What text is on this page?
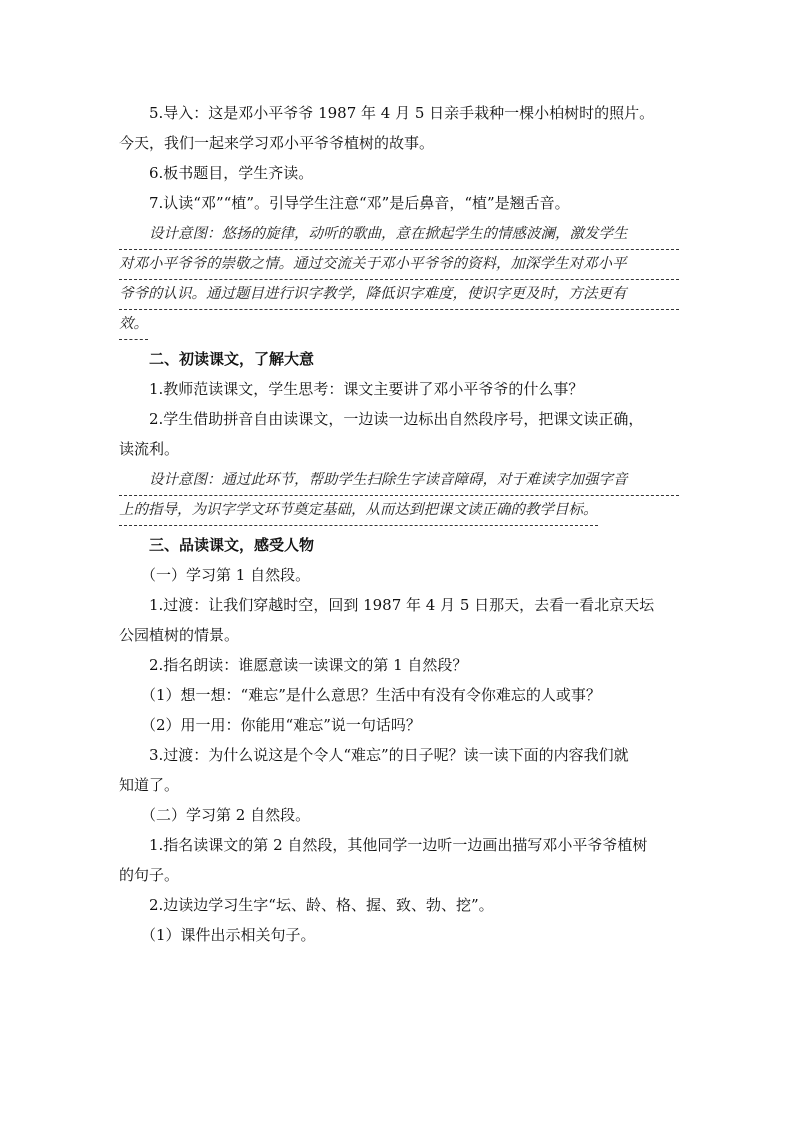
5.导入：这是邓小平爷爷 1987 年 4 月 5 日亲手栽种一棵小柏树时的照片。

今天，我们一起来学习邓小平爷爷植树的故事。

6.板书题目，学生齐读。

7.认读“邓”“植”。引导学生注意“邓”是后鼻音，“植”是翘舌音。

设计意图：悠扬的旋律，动听的歌曲，意在掀起学生的情感波澜，激发学生
对邓小平爷爷的崇敬之情。通过交流关于邓小平爷爷的资料，加深学生对邓小平
爷爷的认识。通过题目进行识字教学，降低识字难度，使识字更及时，方法更有
效。

二、初读课文，了解大意

1.教师范读课文，学生思考：课文主要讲了邓小平爷爷的什么事？

2.学生借助拼音自由读课文，一边读一边标出自然段序号，把课文读正确，

读流利。

设计意图：通过此环节，帮助学生扫除生字读音障碍，对于难读字加强字音
上的指导，为识字学文环节奠定基础，从而达到把课文读正确的教学目标。

三、品读课文，感受人物

（一）学习第 1 自然段。

1.过渡：让我们穿越时空，回到 1987 年 4 月 5 日那天，去看一看北京天坛

公园植树的情景。

2.指名朗读：谁愿意读一读课文的第 1 自然段？

（1）想一想：“难忘”是什么意思？生活中有没有令你难忘的人或事？

（2）用一用：你能用“难忘”说一句话吗？

3.过渡：为什么说这是个令人“难忘”的日子呢？读一读下面的内容我们就

知道了。

（二）学习第 2 自然段。

1.指名读课文的第 2 自然段，其他同学一边听一边画出描写邓小平爷爷植树

的句子。

2.边读边学习生字“坛、龄、格、握、致、勃、挖”。

（1）课件出示相关句子。
